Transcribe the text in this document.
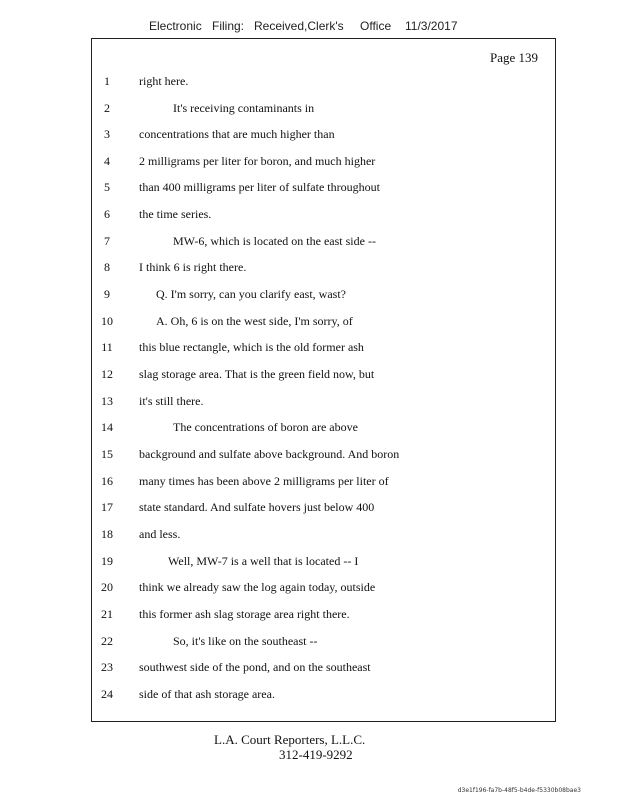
Electronic Filing: Received,Clerk's Office 11/3/2017
Page 139
1	right here.
2	It's receiving contaminants in
3	concentrations that are much higher than
4	2 milligrams per liter for boron, and much higher
5	than 400 milligrams per liter of sulfate throughout
6	the time series.
7	MW-6, which is located on the east side --
8	I think 6 is right there.
9	Q. I'm sorry, can you clarify east, wast?
10	A. Oh, 6 is on the west side, I'm sorry, of
11	this blue rectangle, which is the old former ash
12	slag storage area. That is the green field now, but
13	it's still there.
14	The concentrations of boron are above
15	background and sulfate above background. And boron
16	many times has been above 2 milligrams per liter of
17	state standard. And sulfate hovers just below 400
18	and less.
19	Well, MW-7 is a well that is located -- I
20	think we already saw the log again today, outside
21	this former ash slag storage area right there.
22	So, it's like on the southeast --
23	southwest side of the pond, and on the southeast
24	side of that ash storage area.
L.A. Court Reporters, L.L.C.
312-419-9292
d3e1f196-fa7b-48f5-b4de-f5330b08bae3
